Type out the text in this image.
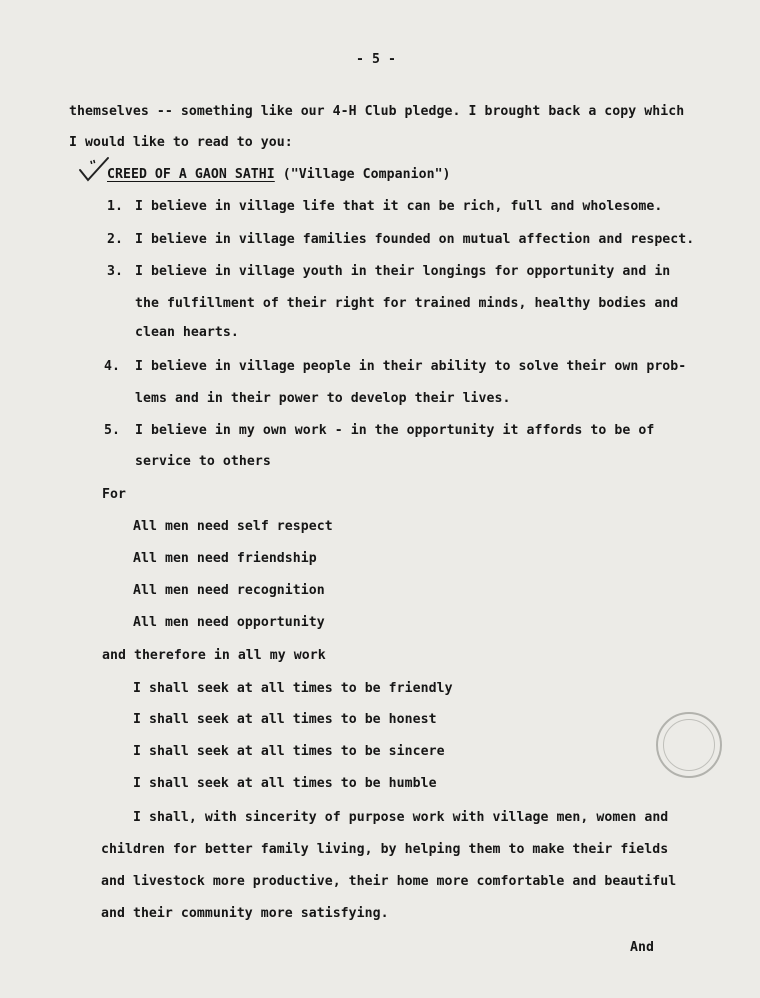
- 5 -
themselves -- something like our 4-H Club pledge. I brought back a copy which
I would like to read to you:
"
CREED OF A GAON SATHI ("Village Companion")
1. I believe in village life that it can be rich, full and wholesome.
2. I believe in village families founded on mutual affection and respect.
3. I believe in village youth in their longings for opportunity and in
the fulfillment of their right for trained minds, healthy bodies and
clean hearts.
4. I believe in village people in their ability to solve their own prob-
lems and in their power to develop their lives.
5. I believe in my own work - in the opportunity it affords to be of
service to others
For
All men need self respect
All men need friendship
All men need recognition
All men need opportunity
and therefore in all my work
I shall seek at all times to be friendly
I shall seek at all times to be honest
I shall seek at all times to be sincere
I shall seek at all times to be humble
I shall, with sincerity of purpose work with village men, women and
children for better family living, by helping them to make their fields
and livestock more productive, their home more comfortable and beautiful
and their community more satisfying.
And
